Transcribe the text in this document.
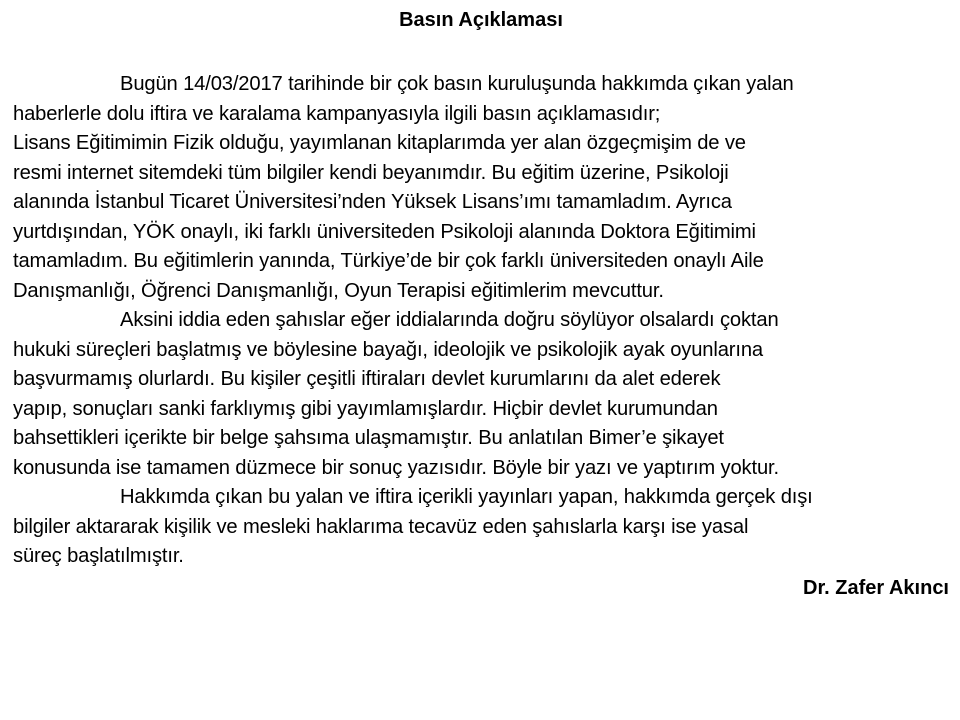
Basın Açıklaması
Bugün 14/03/2017 tarihinde bir çok basın kuruluşunda hakkımda çıkan yalan
haberlerle dolu iftira ve karalama kampanyasıyla ilgili basın açıklamasıdır;
Lisans Eğitimimin Fizik olduğu, yayımlanan kitaplarımda yer alan özgeçmişim de ve
resmi internet sitemdeki tüm bilgiler kendi beyanımdır. Bu eğitim üzerine, Psikoloji
alanında İstanbul Ticaret Üniversitesi’nden Yüksek Lisans’ımı tamamladım. Ayrıca
yurtdışından, YÖK onaylı, iki farklı üniversiteden Psikoloji alanında Doktora Eğitimimi
tamamladım. Bu eğitimlerin yanında, Türkiye’de bir çok farklı üniversiteden onaylı Aile
Danışmanlığı, Öğrenci Danışmanlığı, Oyun Terapisi eğitimlerim mevcuttur.
Aksini iddia eden şahıslar eğer iddialarında doğru söylüyor olsalardı çoktan
hukuki süreçleri başlatmış ve böylesine bayağı, ideolojik ve psikolojik ayak oyunlarına
başvurmamış olurlardı. Bu kişiler çeşitli iftiraları devlet kurumlarını da alet ederek
yapıp, sonuçları sanki farklıymış gibi yayımlamışlardır. Hiçbir devlet kurumundan
bahsettikleri içerikte bir belge şahsıma ulaşmamıştır. Bu anlatılan Bimer’e şikayet
konusunda ise tamamen düzmece bir sonuç yazısıdır. Böyle bir yazı ve yaptırım yoktur.
Hakkımda çıkan bu yalan ve iftira içerikli yayınları yapan, hakkımda gerçek dışı
bilgiler aktararak kişilik ve mesleki haklarıma tecavüz eden şahıslarla karşı ise yasal
süreç başlatılmıştır.
Dr. Zafer Akıncı
